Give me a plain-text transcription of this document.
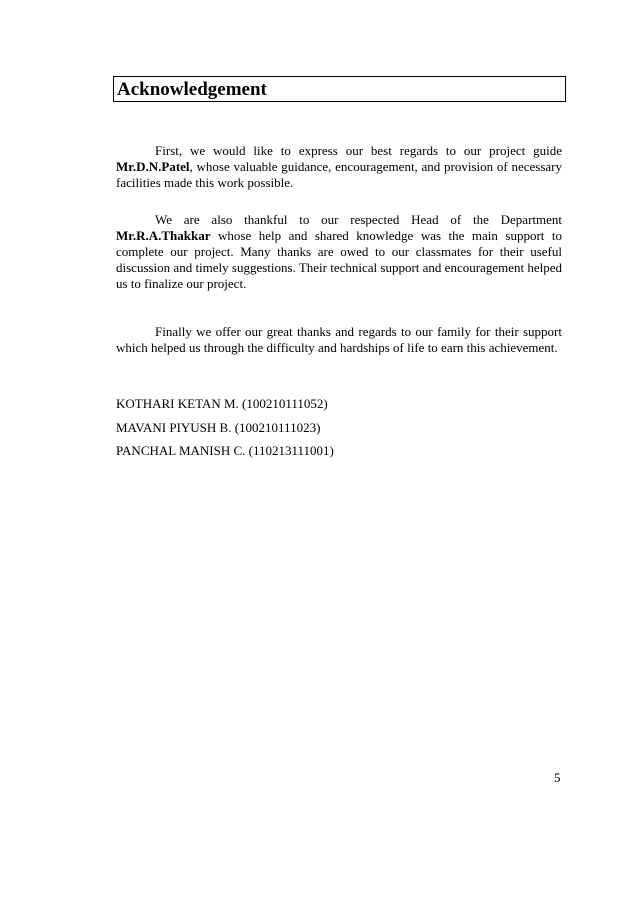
Acknowledgement

First, we would like to express our best regards to our project guide Mr.D.N.Patel, whose valuable guidance, encouragement, and provision of necessary facilities made this work possible.

We are also thankful to our respected Head of the Department Mr.R.A.Thakkar whose help and shared knowledge was the main support to complete our project. Many thanks are owed to our classmates for their useful discussion and timely suggestions. Their technical support and encouragement helped us to finalize our project.

Finally we offer our great thanks and regards to our family for their support which helped us through the difficulty and hardships of life to earn this achievement.

KOTHARI KETAN M. (100210111052)
MAVANI PIYUSH B. (100210111023)
PANCHAL MANISH C. (110213111001)
5
